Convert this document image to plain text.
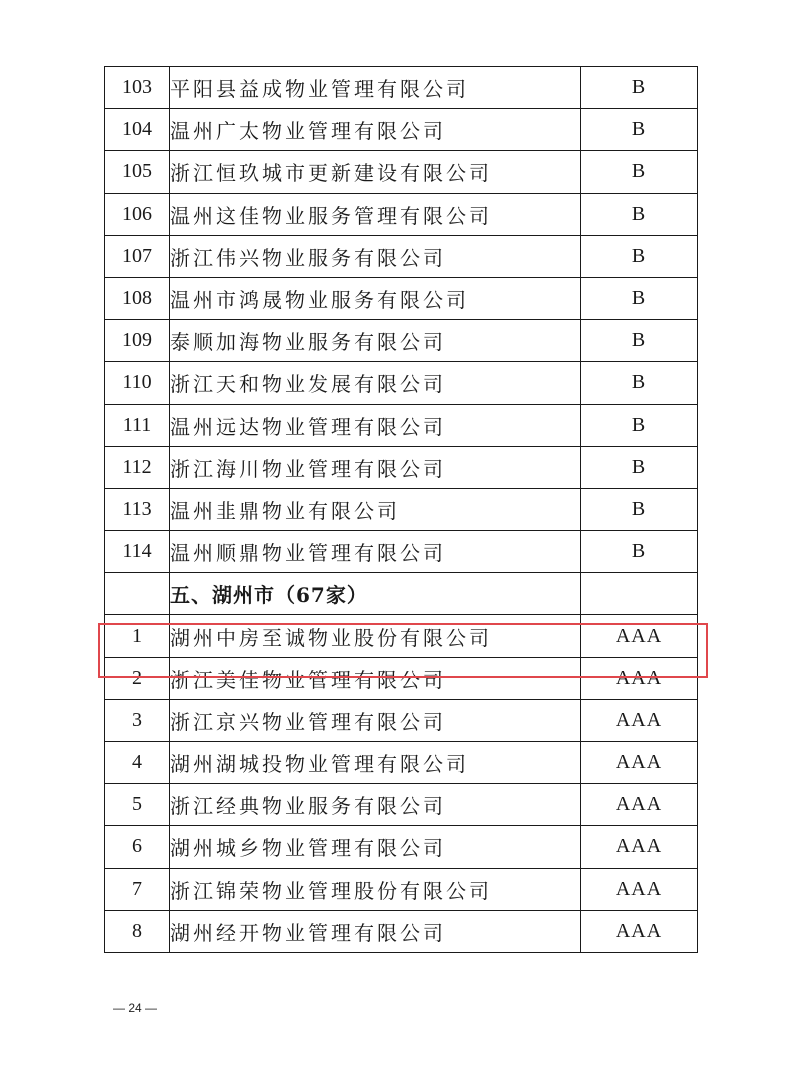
103	平阳县益成物业管理有限公司	B
104	温州广太物业管理有限公司	B
105	浙江恒玖城市更新建设有限公司	B
106	温州这佳物业服务管理有限公司	B
107	浙江伟兴物业服务有限公司	B
108	温州市鸿晟物业服务有限公司	B
109	泰顺加海物业服务有限公司	B
110	浙江天和物业发展有限公司	B
111	温州远达物业管理有限公司	B
112	浙江海川物业管理有限公司	B
113	温州韭鼎物业有限公司	B
114	温州顺鼎物业管理有限公司	B
	五、湖州市（67家）	
1	湖州中房至诚物业股份有限公司	AAA
2	浙江美佳物业管理有限公司	AAA
3	浙江京兴物业管理有限公司	AAA
4	湖州湖城投物业管理有限公司	AAA
5	浙江经典物业服务有限公司	AAA
6	湖州城乡物业管理有限公司	AAA
7	浙江锦荣物业管理股份有限公司	AAA
8	湖州经开物业管理有限公司	AAA
— 24 —
